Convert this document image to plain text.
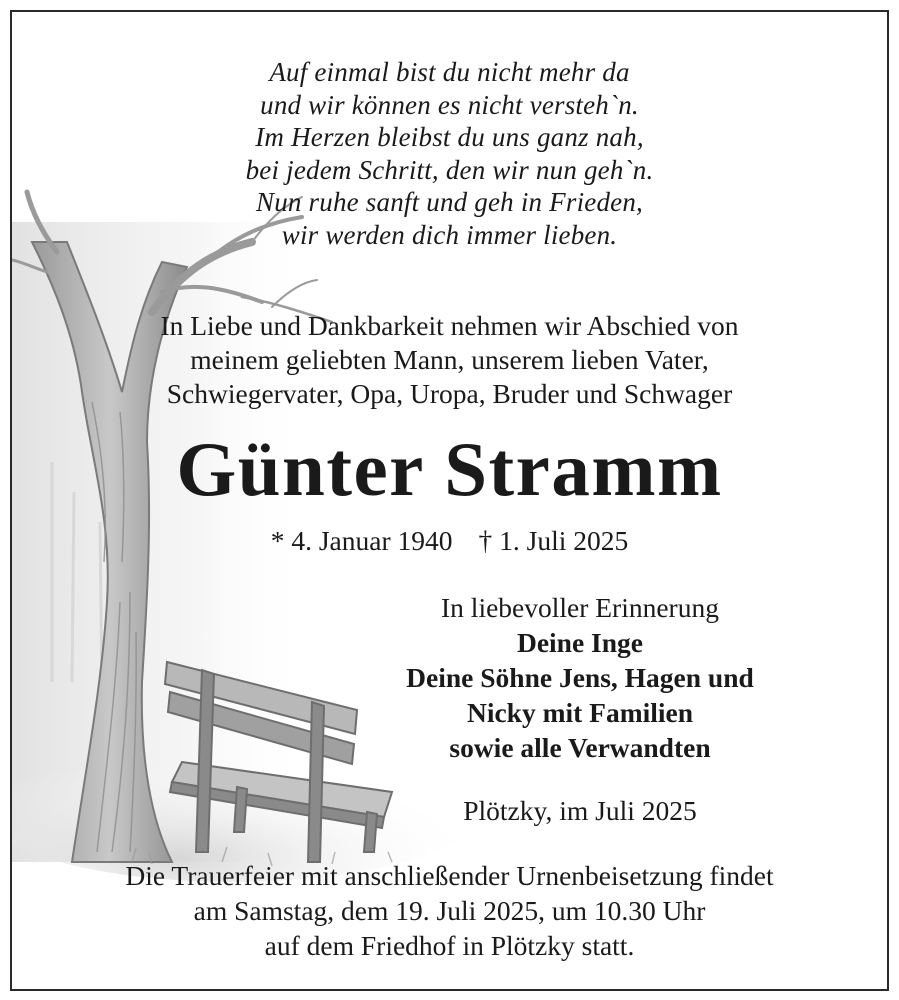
Auf einmal bist du nicht mehr da
und wir können es nicht versteh`n.
Im Herzen bleibst du uns ganz nah,
bei jedem Schritt, den wir nun geh`n.
Nun ruhe sanft und geh in Frieden,
wir werden dich immer lieben.
In Liebe und Dankbarkeit nehmen wir Abschied von
meinem geliebten Mann, unserem lieben Vater,
Schwiegervater, Opa, Uropa, Bruder und Schwager
Günter Stramm
* 4. Januar 1940 † 1. Juli 2025
In liebevoller Erinnerung
Deine Inge
Deine Söhne Jens, Hagen und
Nicky mit Familien
sowie alle Verwandten
Plötzky, im Juli 2025
Die Trauerfeier mit anschließender Urnenbeisetzung findet
am Samstag, dem 19. Juli 2025, um 10.30 Uhr
auf dem Friedhof in Plötzky statt.
